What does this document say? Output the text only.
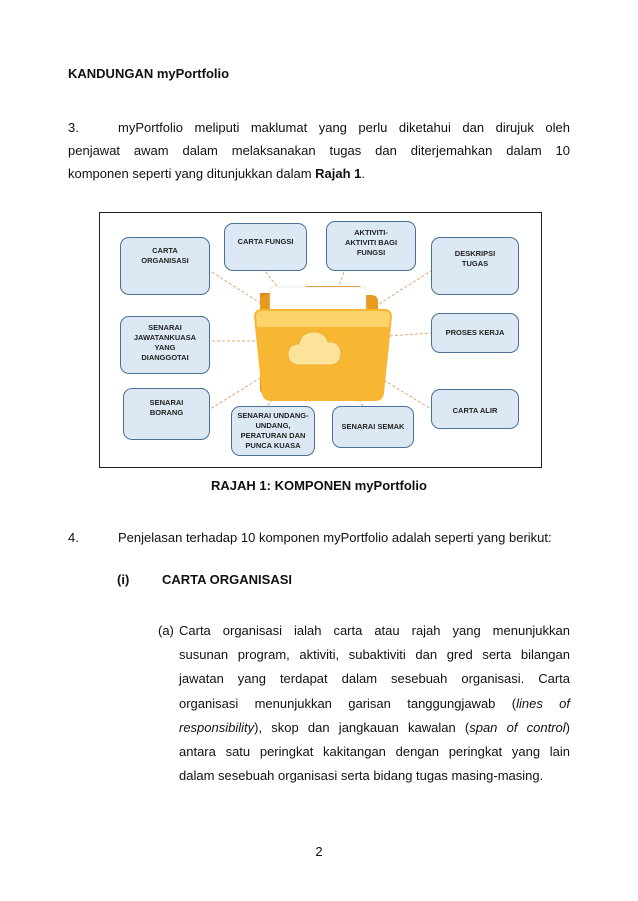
KANDUNGAN myPortfolio
3.	myPortfolio meliputi maklumat yang perlu diketahui dan dirujuk oleh
penjawat awam dalam melaksanakan tugas dan diterjemahkan dalam 10
komponen seperti yang ditunjukkan dalam Rajah 1.
CARTA
ORGANISASI
CARTA FUNGSI
AKTIVITI-
AKTIVITI BAGI
FUNGSI	DESKRIPSI
TUGAS
SENARAI
JAWATANKUASA
YANG
DIANGGOTAI
PROSES KERJA
SENARAI
BORANG	SENARAI UNDANG-
UNDANG,
PERATURAN DAN
PUNCA KUASA
SENARAI SEMAK
CARTA ALIR
RAJAH 1: KOMPONEN myPortfolio
4.	Penjelasan terhadap 10 komponen myPortfolio adalah seperti yang berikut:
(i)	CARTA ORGANISASI
(a) Carta organisasi ialah carta atau rajah yang menunjukkan
susunan program, aktiviti, subaktiviti dan gred serta bilangan
jawatan yang terdapat dalam sesebuah organisasi. Carta
organisasi menunjukkan garisan tanggungjawab (lines of
responsibility), skop dan jangkauan kawalan (span of control)
antara satu peringkat kakitangan dengan peringkat yang lain
dalam sesebuah organisasi serta bidang tugas masing-masing.
2
